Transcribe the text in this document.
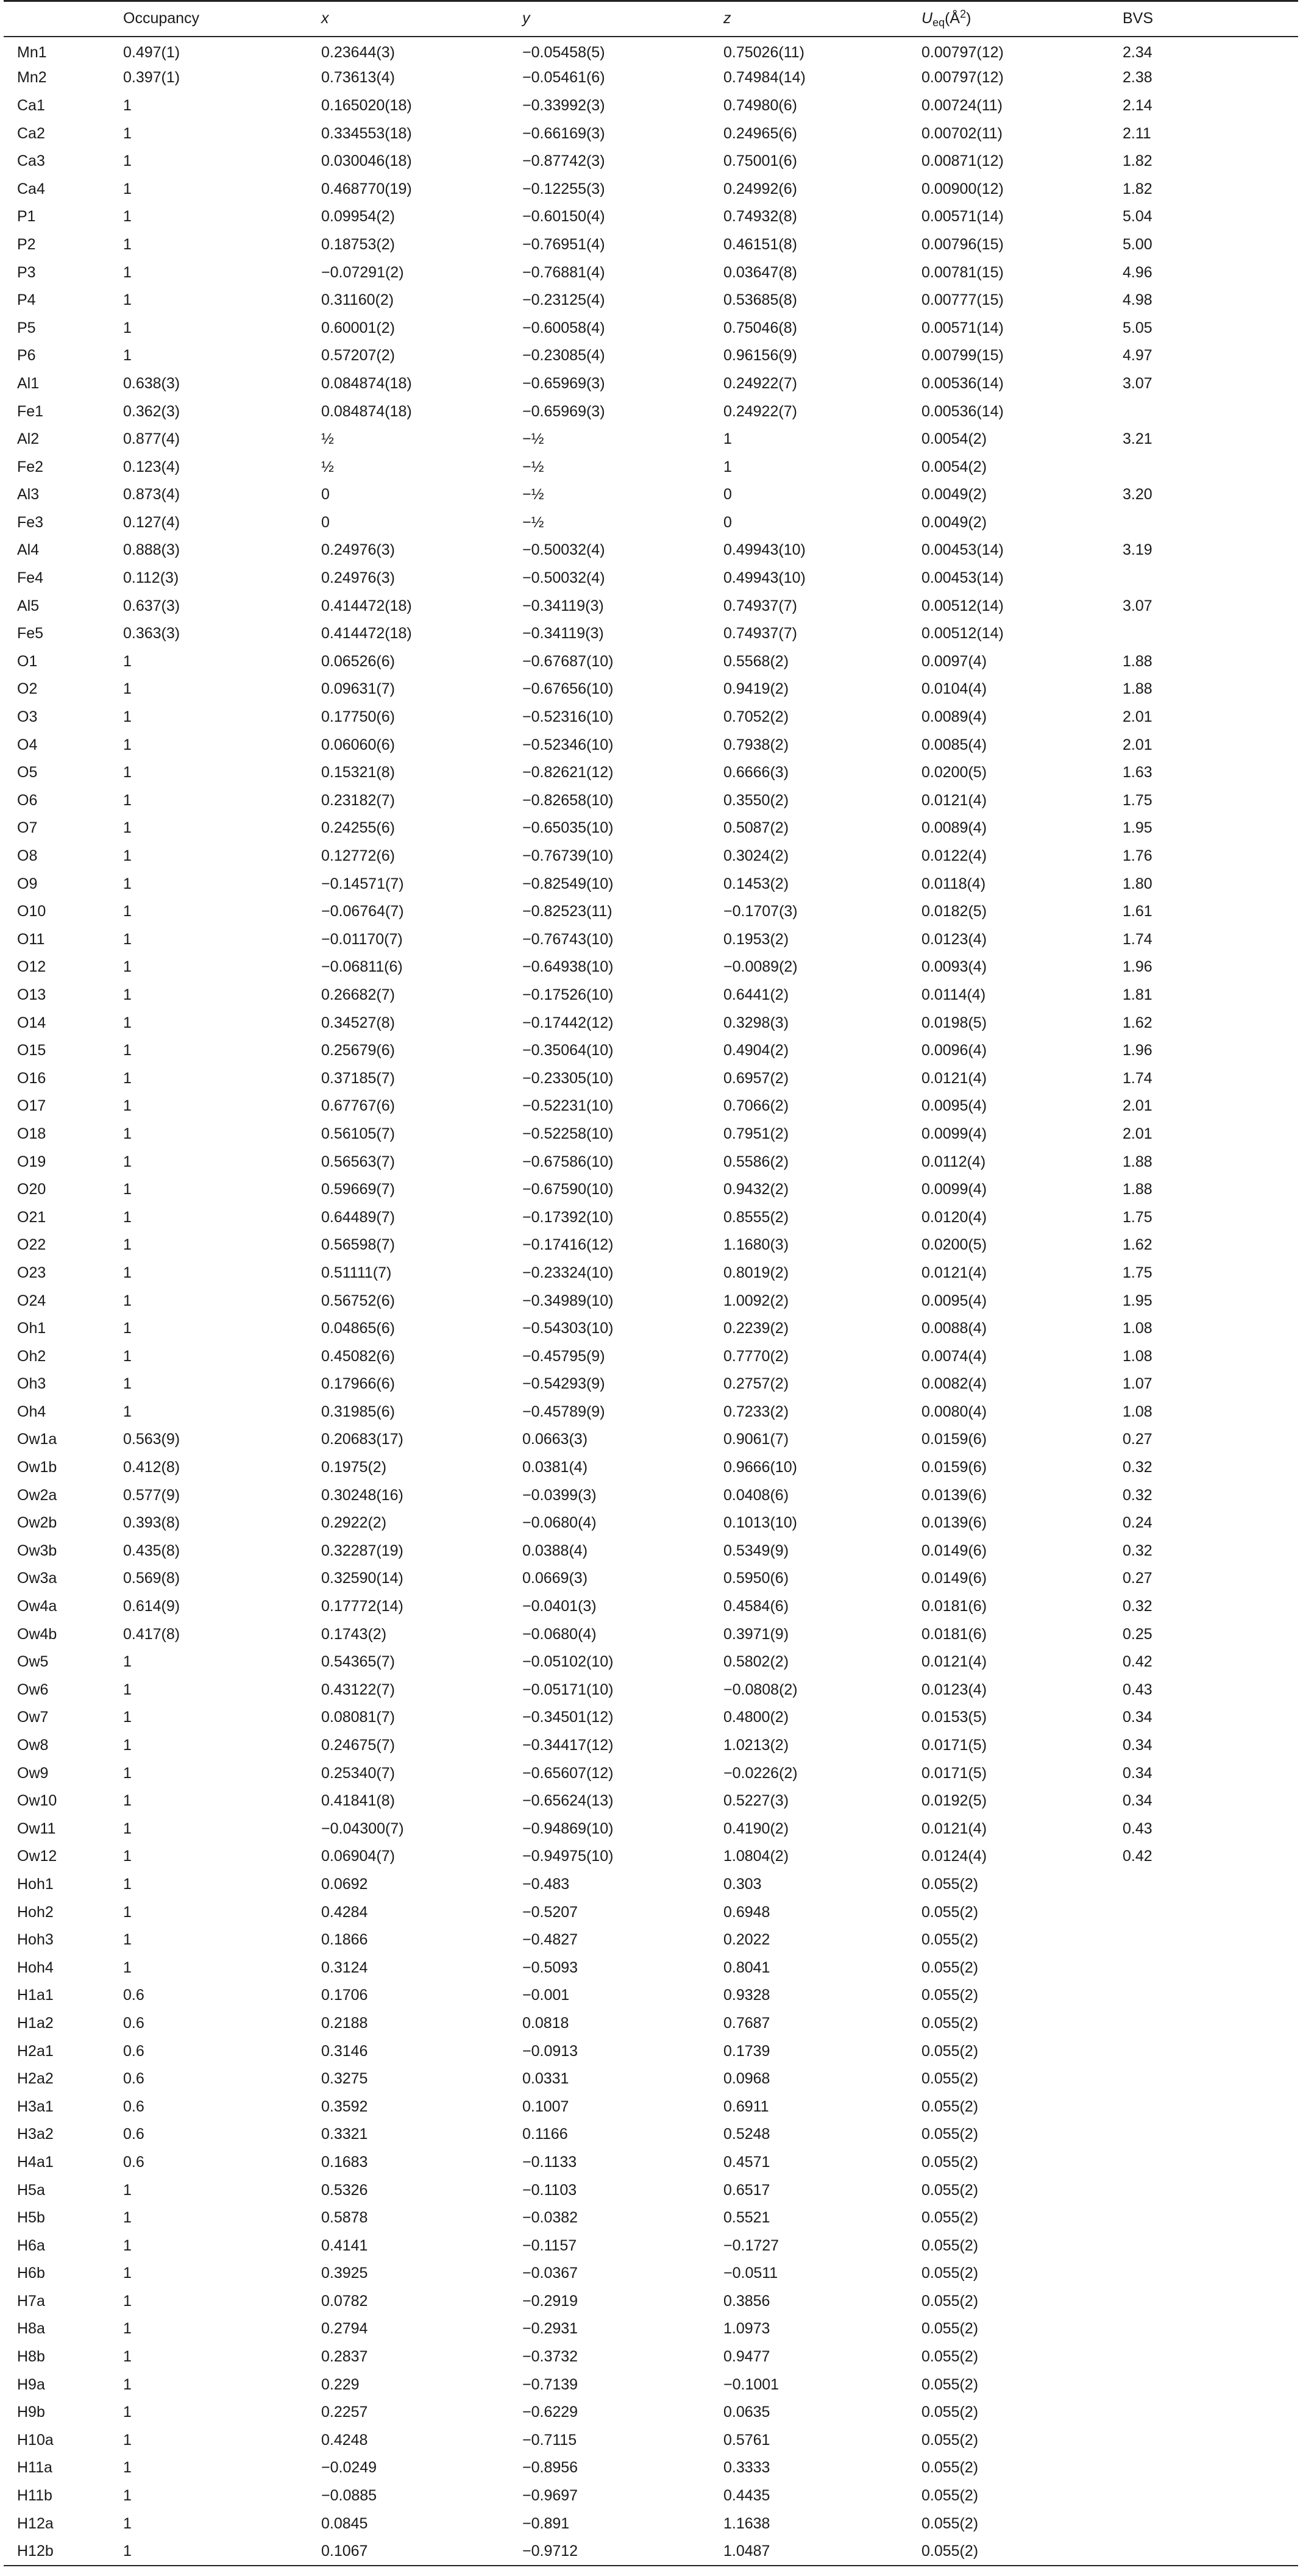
	Occupancy	x	y	z	$U_{eq}(Å^2)$	BVS
Mn1	0.497(1)	0.23644(3)	−0.05458(5)	0.75026(11)	0.00797(12)	2.34
Mn2	0.397(1)	0.73613(4)	−0.05461(6)	0.74984(14)	0.00797(12)	2.38
Ca1	1	0.165020(18)	−0.33992(3)	0.74980(6)	0.00724(11)	2.14
Ca2	1	0.334553(18)	−0.66169(3)	0.24965(6)	0.00702(11)	2.11
Ca3	1	0.030046(18)	−0.87742(3)	0.75001(6)	0.00871(12)	1.82
Ca4	1	0.468770(19)	−0.12255(3)	0.24992(6)	0.00900(12)	1.82
P1	1	0.09954(2)	−0.60150(4)	0.74932(8)	0.00571(14)	5.04
P2	1	0.18753(2)	−0.76951(4)	0.46151(8)	0.00796(15)	5.00
P3	1	−0.07291(2)	−0.76881(4)	0.03647(8)	0.00781(15)	4.96
P4	1	0.31160(2)	−0.23125(4)	0.53685(8)	0.00777(15)	4.98
P5	1	0.60001(2)	−0.60058(4)	0.75046(8)	0.00571(14)	5.05
P6	1	0.57207(2)	−0.23085(4)	0.96156(9)	0.00799(15)	4.97
Al1	0.638(3)	0.084874(18)	−0.65969(3)	0.24922(7)	0.00536(14)	3.07
Fe1	0.362(3)	0.084874(18)	−0.65969(3)	0.24922(7)	0.00536(14)	
Al2	0.877(4)	½	−½	1	0.0054(2)	3.21
Fe2	0.123(4)	½	−½	1	0.0054(2)	
Al3	0.873(4)	0	−½	0	0.0049(2)	3.20
Fe3	0.127(4)	0	−½	0	0.0049(2)	
Al4	0.888(3)	0.24976(3)	−0.50032(4)	0.49943(10)	0.00453(14)	3.19
Fe4	0.112(3)	0.24976(3)	−0.50032(4)	0.49943(10)	0.00453(14)	
Al5	0.637(3)	0.414472(18)	−0.34119(3)	0.74937(7)	0.00512(14)	3.07
Fe5	0.363(3)	0.414472(18)	−0.34119(3)	0.74937(7)	0.00512(14)	
O1	1	0.06526(6)	−0.67687(10)	0.5568(2)	0.0097(4)	1.88
O2	1	0.09631(7)	−0.67656(10)	0.9419(2)	0.0104(4)	1.88
O3	1	0.17750(6)	−0.52316(10)	0.7052(2)	0.0089(4)	2.01
O4	1	0.06060(6)	−0.52346(10)	0.7938(2)	0.0085(4)	2.01
O5	1	0.15321(8)	−0.82621(12)	0.6666(3)	0.0200(5)	1.63
O6	1	0.23182(7)	−0.82658(10)	0.3550(2)	0.0121(4)	1.75
O7	1	0.24255(6)	−0.65035(10)	0.5087(2)	0.0089(4)	1.95
O8	1	0.12772(6)	−0.76739(10)	0.3024(2)	0.0122(4)	1.76
O9	1	−0.14571(7)	−0.82549(10)	0.1453(2)	0.0118(4)	1.80
O10	1	−0.06764(7)	−0.82523(11)	−0.1707(3)	0.0182(5)	1.61
O11	1	−0.01170(7)	−0.76743(10)	0.1953(2)	0.0123(4)	1.74
O12	1	−0.06811(6)	−0.64938(10)	−0.0089(2)	0.0093(4)	1.96
O13	1	0.26682(7)	−0.17526(10)	0.6441(2)	0.0114(4)	1.81
O14	1	0.34527(8)	−0.17442(12)	0.3298(3)	0.0198(5)	1.62
O15	1	0.25679(6)	−0.35064(10)	0.4904(2)	0.0096(4)	1.96
O16	1	0.37185(7)	−0.23305(10)	0.6957(2)	0.0121(4)	1.74
O17	1	0.67767(6)	−0.52231(10)	0.7066(2)	0.0095(4)	2.01
O18	1	0.56105(7)	−0.52258(10)	0.7951(2)	0.0099(4)	2.01
O19	1	0.56563(7)	−0.67586(10)	0.5586(2)	0.0112(4)	1.88
O20	1	0.59669(7)	−0.67590(10)	0.9432(2)	0.0099(4)	1.88
O21	1	0.64489(7)	−0.17392(10)	0.8555(2)	0.0120(4)	1.75
O22	1	0.56598(7)	−0.17416(12)	1.1680(3)	0.0200(5)	1.62
O23	1	0.51111(7)	−0.23324(10)	0.8019(2)	0.0121(4)	1.75
O24	1	0.56752(6)	−0.34989(10)	1.0092(2)	0.0095(4)	1.95
Oh1	1	0.04865(6)	−0.54303(10)	0.2239(2)	0.0088(4)	1.08
Oh2	1	0.45082(6)	−0.45795(9)	0.7770(2)	0.0074(4)	1.08
Oh3	1	0.17966(6)	−0.54293(9)	0.2757(2)	0.0082(4)	1.07
Oh4	1	0.31985(6)	−0.45789(9)	0.7233(2)	0.0080(4)	1.08
Ow1a	0.563(9)	0.20683(17)	0.0663(3)	0.9061(7)	0.0159(6)	0.27
Ow1b	0.412(8)	0.1975(2)	0.0381(4)	0.9666(10)	0.0159(6)	0.32
Ow2a	0.577(9)	0.30248(16)	−0.0399(3)	0.0408(6)	0.0139(6)	0.32
Ow2b	0.393(8)	0.2922(2)	−0.0680(4)	0.1013(10)	0.0139(6)	0.24
Ow3b	0.435(8)	0.32287(19)	0.0388(4)	0.5349(9)	0.0149(6)	0.32
Ow3a	0.569(8)	0.32590(14)	0.0669(3)	0.5950(6)	0.0149(6)	0.27
Ow4a	0.614(9)	0.17772(14)	−0.0401(3)	0.4584(6)	0.0181(6)	0.32
Ow4b	0.417(8)	0.1743(2)	−0.0680(4)	0.3971(9)	0.0181(6)	0.25
Ow5	1	0.54365(7)	−0.05102(10)	0.5802(2)	0.0121(4)	0.42
Ow6	1	0.43122(7)	−0.05171(10)	−0.0808(2)	0.0123(4)	0.43
Ow7	1	0.08081(7)	−0.34501(12)	0.4800(2)	0.0153(5)	0.34
Ow8	1	0.24675(7)	−0.34417(12)	1.0213(2)	0.0171(5)	0.34
Ow9	1	0.25340(7)	−0.65607(12)	−0.0226(2)	0.0171(5)	0.34
Ow10	1	0.41841(8)	−0.65624(13)	0.5227(3)	0.0192(5)	0.34
Ow11	1	−0.04300(7)	−0.94869(10)	0.4190(2)	0.0121(4)	0.43
Ow12	1	0.06904(7)	−0.94975(10)	1.0804(2)	0.0124(4)	0.42
Hoh1	1	0.0692	−0.483	0.303	0.055(2)	
Hoh2	1	0.4284	−0.5207	0.6948	0.055(2)	
Hoh3	1	0.1866	−0.4827	0.2022	0.055(2)	
Hoh4	1	0.3124	−0.5093	0.8041	0.055(2)	
H1a1	0.6	0.1706	−0.001	0.9328	0.055(2)	
H1a2	0.6	0.2188	0.0818	0.7687	0.055(2)	
H2a1	0.6	0.3146	−0.0913	0.1739	0.055(2)	
H2a2	0.6	0.3275	0.0331	0.0968	0.055(2)	
H3a1	0.6	0.3592	0.1007	0.6911	0.055(2)	
H3a2	0.6	0.3321	0.1166	0.5248	0.055(2)	
H4a1	0.6	0.1683	−0.1133	0.4571	0.055(2)	
H5a	1	0.5326	−0.1103	0.6517	0.055(2)	
H5b	1	0.5878	−0.0382	0.5521	0.055(2)	
H6a	1	0.4141	−0.1157	−0.1727	0.055(2)	
H6b	1	0.3925	−0.0367	−0.0511	0.055(2)	
H7a	1	0.0782	−0.2919	0.3856	0.055(2)	
H8a	1	0.2794	−0.2931	1.0973	0.055(2)	
H8b	1	0.2837	−0.3732	0.9477	0.055(2)	
H9a	1	0.229	−0.7139	−0.1001	0.055(2)	
H9b	1	0.2257	−0.6229	0.0635	0.055(2)	
H10a	1	0.4248	−0.7115	0.5761	0.055(2)	
H11a	1	−0.0249	−0.8956	0.3333	0.055(2)	
H11b	1	−0.0885	−0.9697	0.4435	0.055(2)	
H12a	1	0.0845	−0.891	1.1638	0.055(2)	
H12b	1	0.1067	−0.9712	1.0487	0.055(2)	
